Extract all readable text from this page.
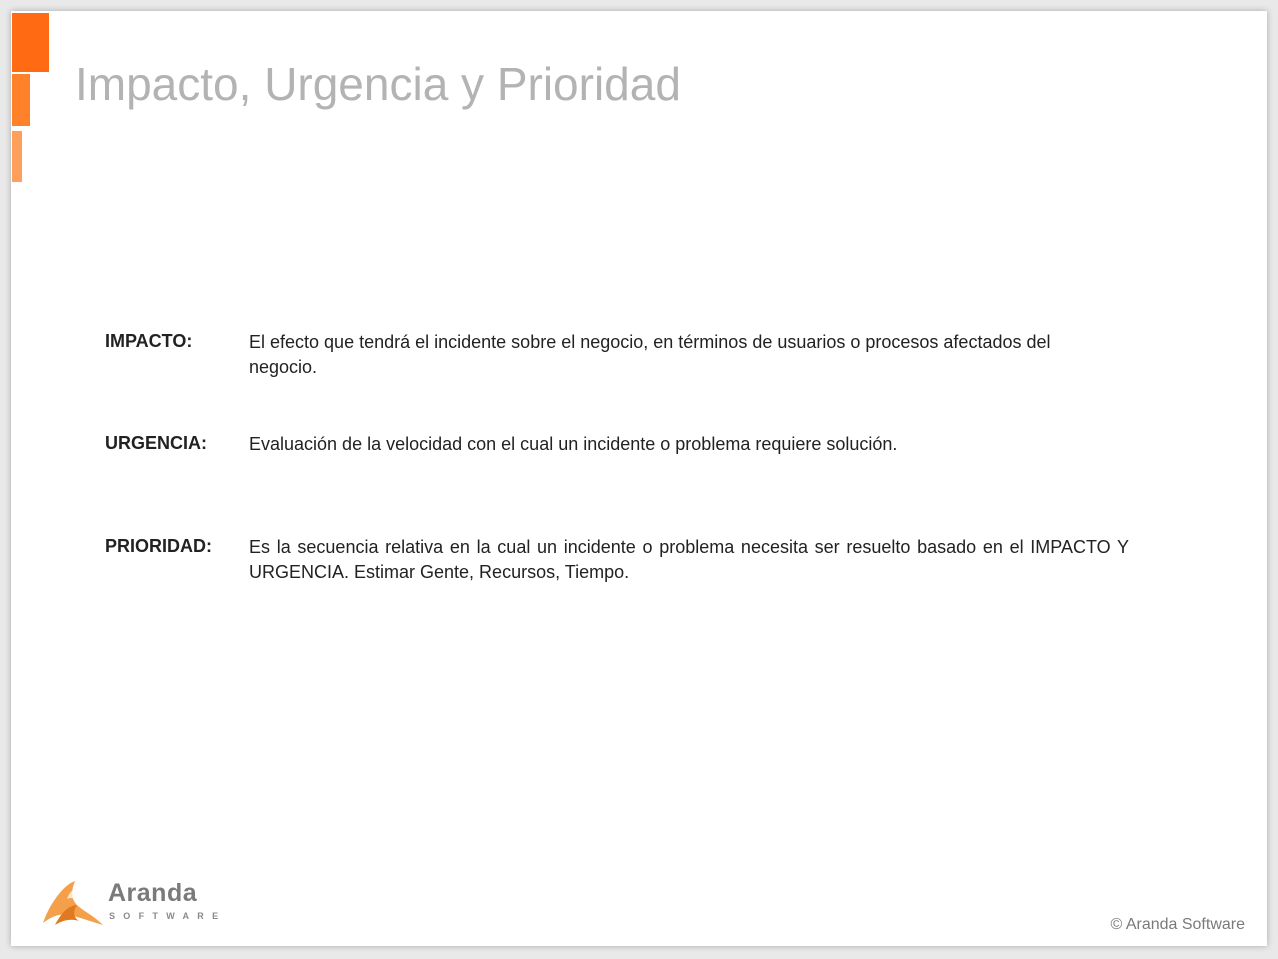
Impacto, Urgencia y Prioridad
IMPACTO:	El efecto que tendrá el incidente sobre el negocio, en términos de usuarios o procesos afectados del negocio.
URGENCIA: Evaluación de la velocidad con el cual un incidente o problema requiere solución.
PRIORIDAD: Es la secuencia relativa en la cual un incidente o problema necesita ser resuelto basado en el IMPACTO Y URGENCIA. Estimar Gente, Recursos, Tiempo.
Aranda
SOFTWARE	© Aranda Software
